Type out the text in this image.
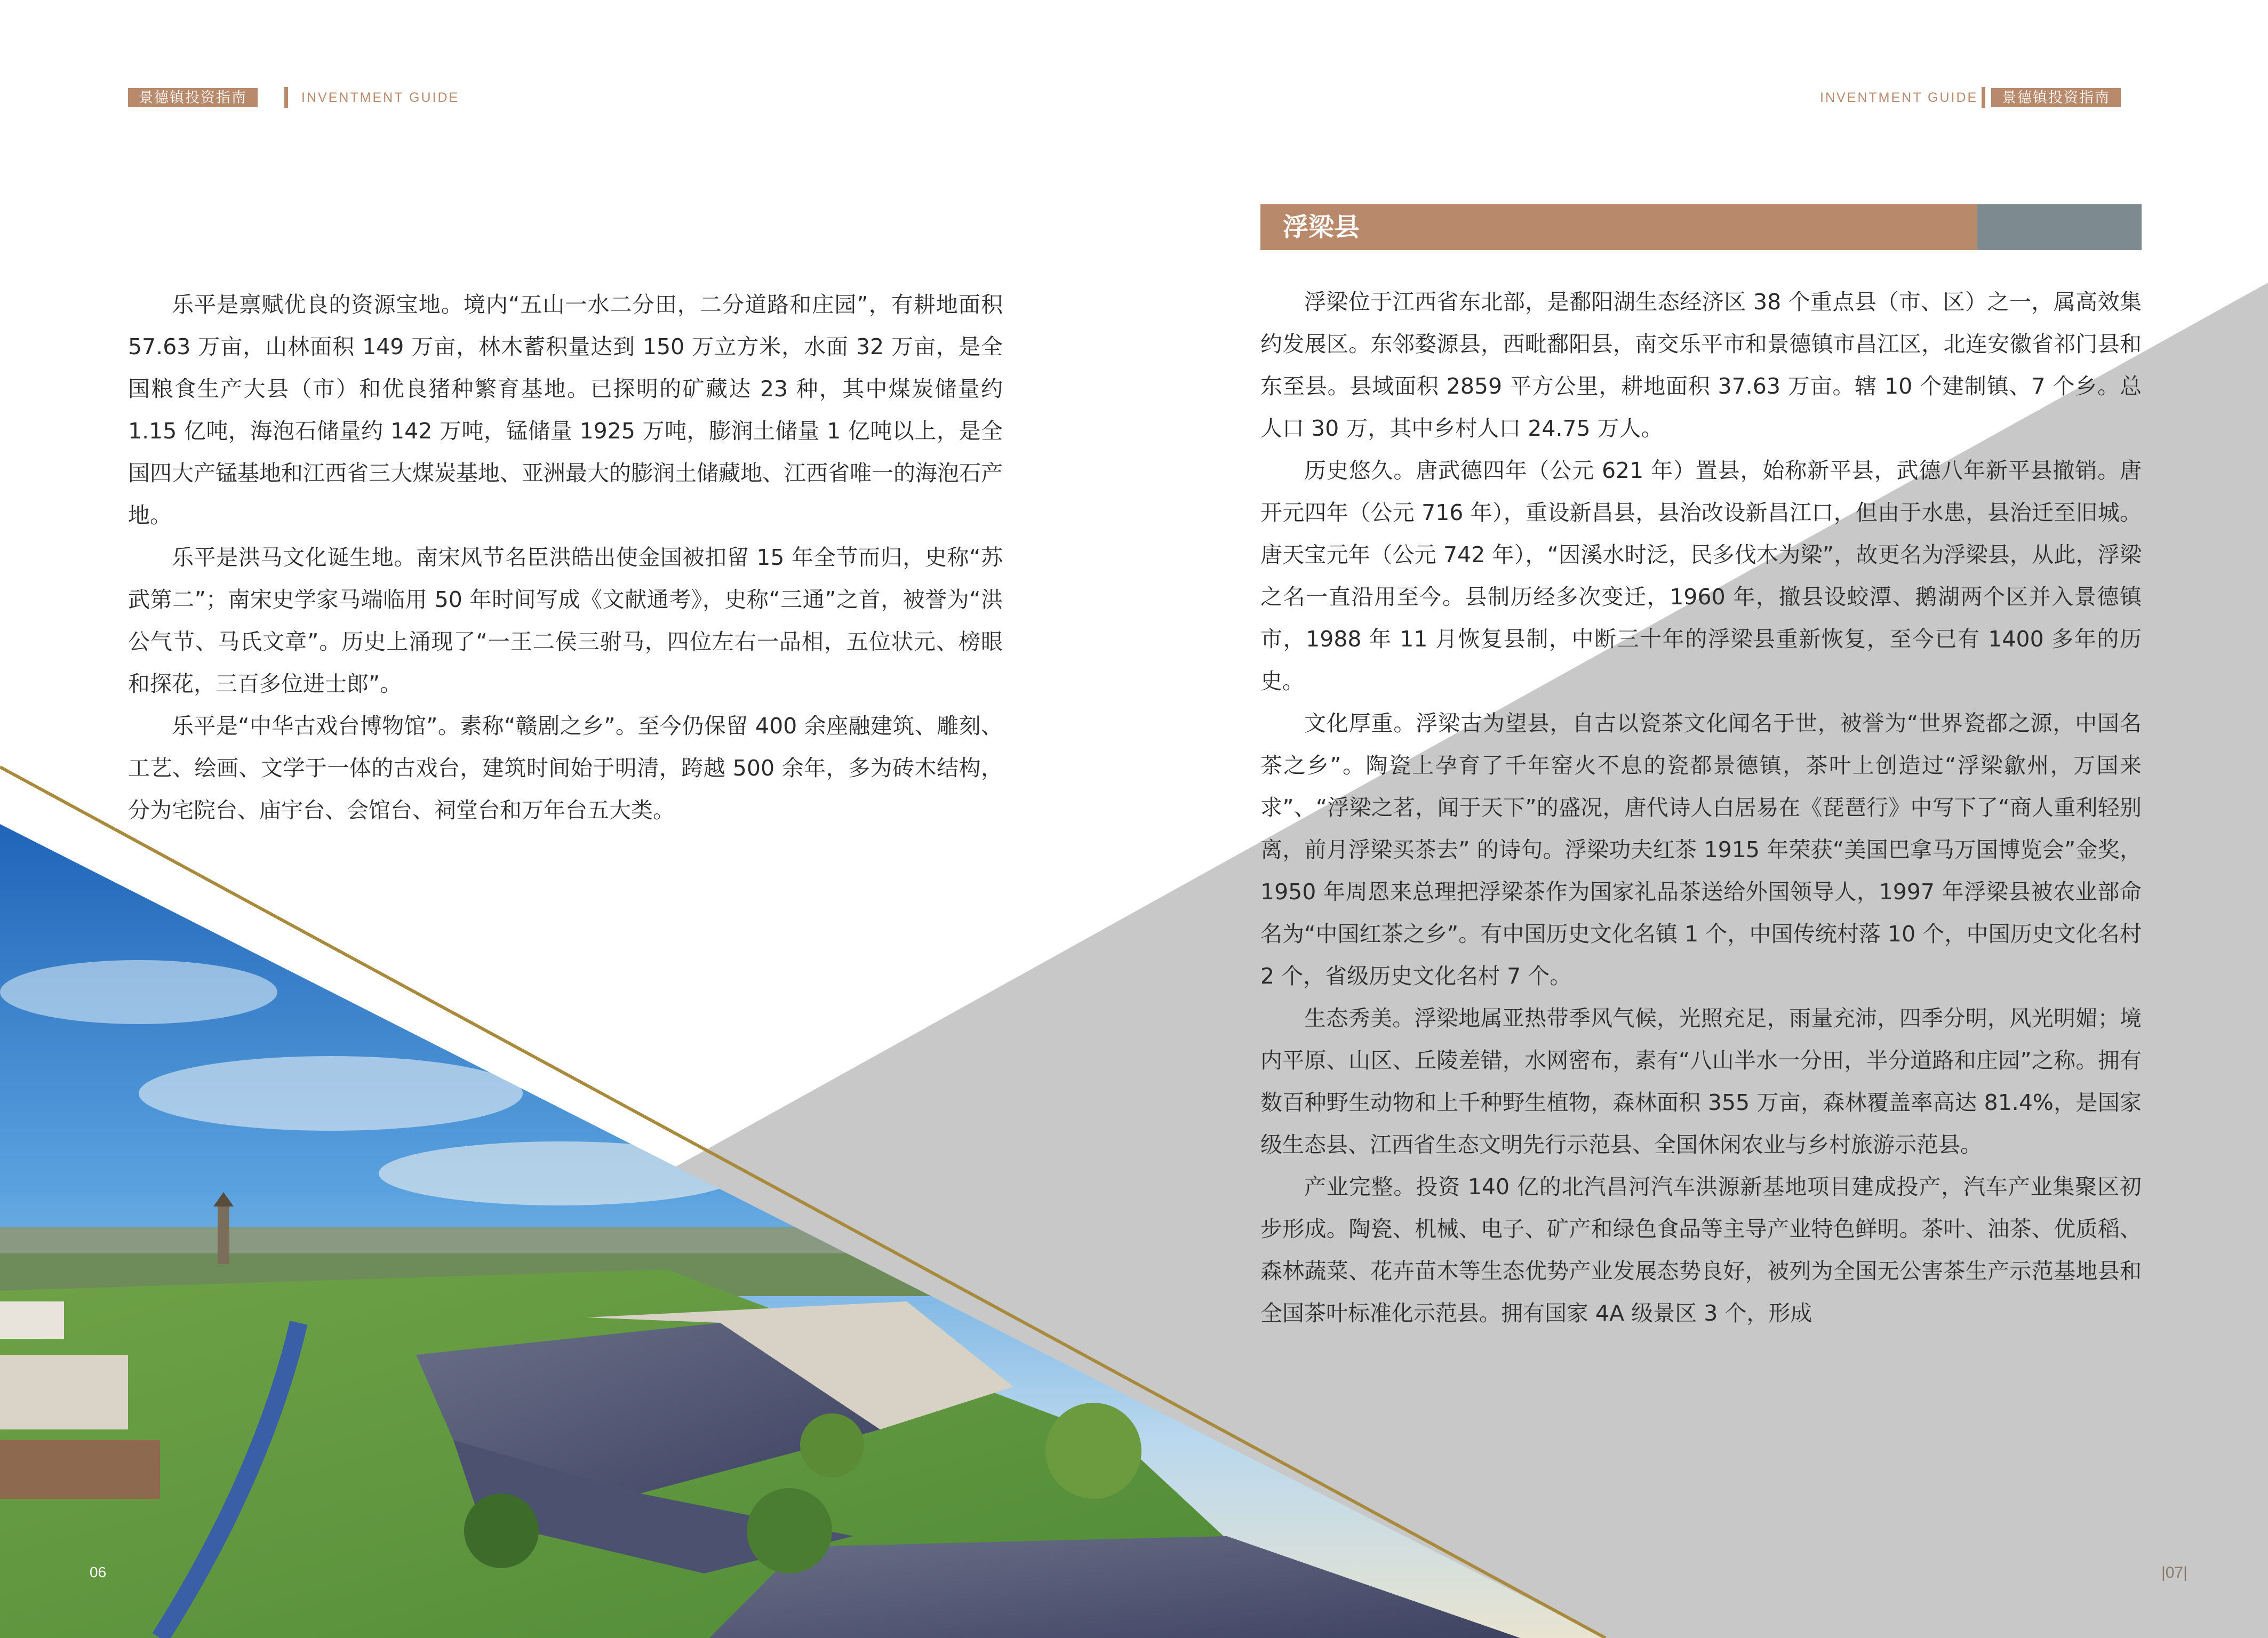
景德镇投资指南	INVENTMENT GUIDE	INVENTMENT GUIDE	景德镇投资指南

乐平是禀赋优良的资源宝地。境内“五山一水二分田，二分道路和庄园”，有耕地面积 57.63 万亩，山林面积 149 万亩，林木蓄积量达到 150 万立方米，水面 32 万亩，是全国粮食生产大县（市）和优良猪种繁育基地。已探明的矿藏达 23 种，其中煤炭储量约 1.15 亿吨，海泡石储量约 142 万吨，锰储量 1925 万吨，膨润土储量 1 亿吨以上，是全国四大产锰基地和江西省三大煤炭基地、亚洲最大的膨润土储藏地、江西省唯一的海泡石产地。

乐平是洪马文化诞生地。南宋风节名臣洪皓出使金国被扣留 15 年全节而归，史称“苏武第二”；南宋史学家马端临用 50 年时间写成《文献通考》，史称“三通”之首，被誉为“洪公气节、马氏文章”。历史上涌现了“一王二侯三驸马，四位左右一品相，五位状元、榜眼和探花，三百多位进士郎”。

乐平是“中华古戏台博物馆”。素称“赣剧之乡”。至今仍保留 400 余座融建筑、雕刻、工艺、绘画、文学于一体的古戏台，建筑时间始于明清，跨越 500 余年，多为砖木结构，分为宅院台、庙宇台、会馆台、祠堂台和万年台五大类。

浮梁县

浮梁位于江西省东北部，是鄱阳湖生态经济区 38 个重点县（市、区）之一，属高效集约发展区。东邻婺源县，西毗鄱阳县，南交乐平市和景德镇市昌江区，北连安徽省祁门县和东至县。县域面积 2859 平方公里，耕地面积 37.63 万亩。辖 10 个建制镇、7 个乡。总人口 30 万，其中乡村人口 24.75 万人。

历史悠久。唐武德四年（公元 621 年）置县，始称新平县，武德八年新平县撤销。唐开元四年（公元 716 年），重设新昌县，县治改设新昌江口，但由于水患，县治迁至旧城。唐天宝元年（公元 742 年），“因溪水时泛，民多伐木为梁”，故更名为浮梁县，从此，浮梁之名一直沿用至今。县制历经多次变迁，1960 年，撤县设蛟潭、鹅湖两个区并入景德镇市，1988 年 11 月恢复县制，中断三十年的浮梁县重新恢复，至今已有 1400 多年的历史。

文化厚重。浮梁古为望县，自古以瓷茶文化闻名于世，被誉为“世界瓷都之源，中国名茶之乡”。陶瓷上孕育了千年窑火不息的瓷都景德镇，茶叶上创造过“浮梁歙州，万国来求”、“浮梁之茗，闻于天下”的盛况，唐代诗人白居易在《琵琶行》中写下了“商人重利轻别离，前月浮梁买茶去” 的诗句。浮梁功夫红茶 1915 年荣获“美国巴拿马万国博览会”金奖，1950 年周恩来总理把浮梁茶作为国家礼品茶送给外国领导人，1997 年浮梁县被农业部命名为“中国红茶之乡”。有中国历史文化名镇 1 个，中国传统村落 10 个，中国历史文化名村 2 个，省级历史文化名村 7 个。

生态秀美。浮梁地属亚热带季风气候，光照充足，雨量充沛，四季分明，风光明媚；境内平原、山区、丘陵差错，水网密布，素有“八山半水一分田，半分道路和庄园”之称。拥有数百种野生动物和上千种野生植物，森林面积 355 万亩，森林覆盖率高达 81.4%，是国家级生态县、江西省生态文明先行示范县、全国休闲农业与乡村旅游示范县。

产业完整。投资 140 亿的北汽昌河汽车洪源新基地项目建成投产，汽车产业集聚区初步形成。陶瓷、机械、电子、矿产和绿色食品等主导产业特色鲜明。茶叶、油茶、优质稻、森林蔬菜、花卉苗木等生态优势产业发展态势良好，被列为全国无公害茶生产示范基地县和全国茶叶标准化示范县。拥有国家 4A 级景区 3 个，形成

06	|07|
